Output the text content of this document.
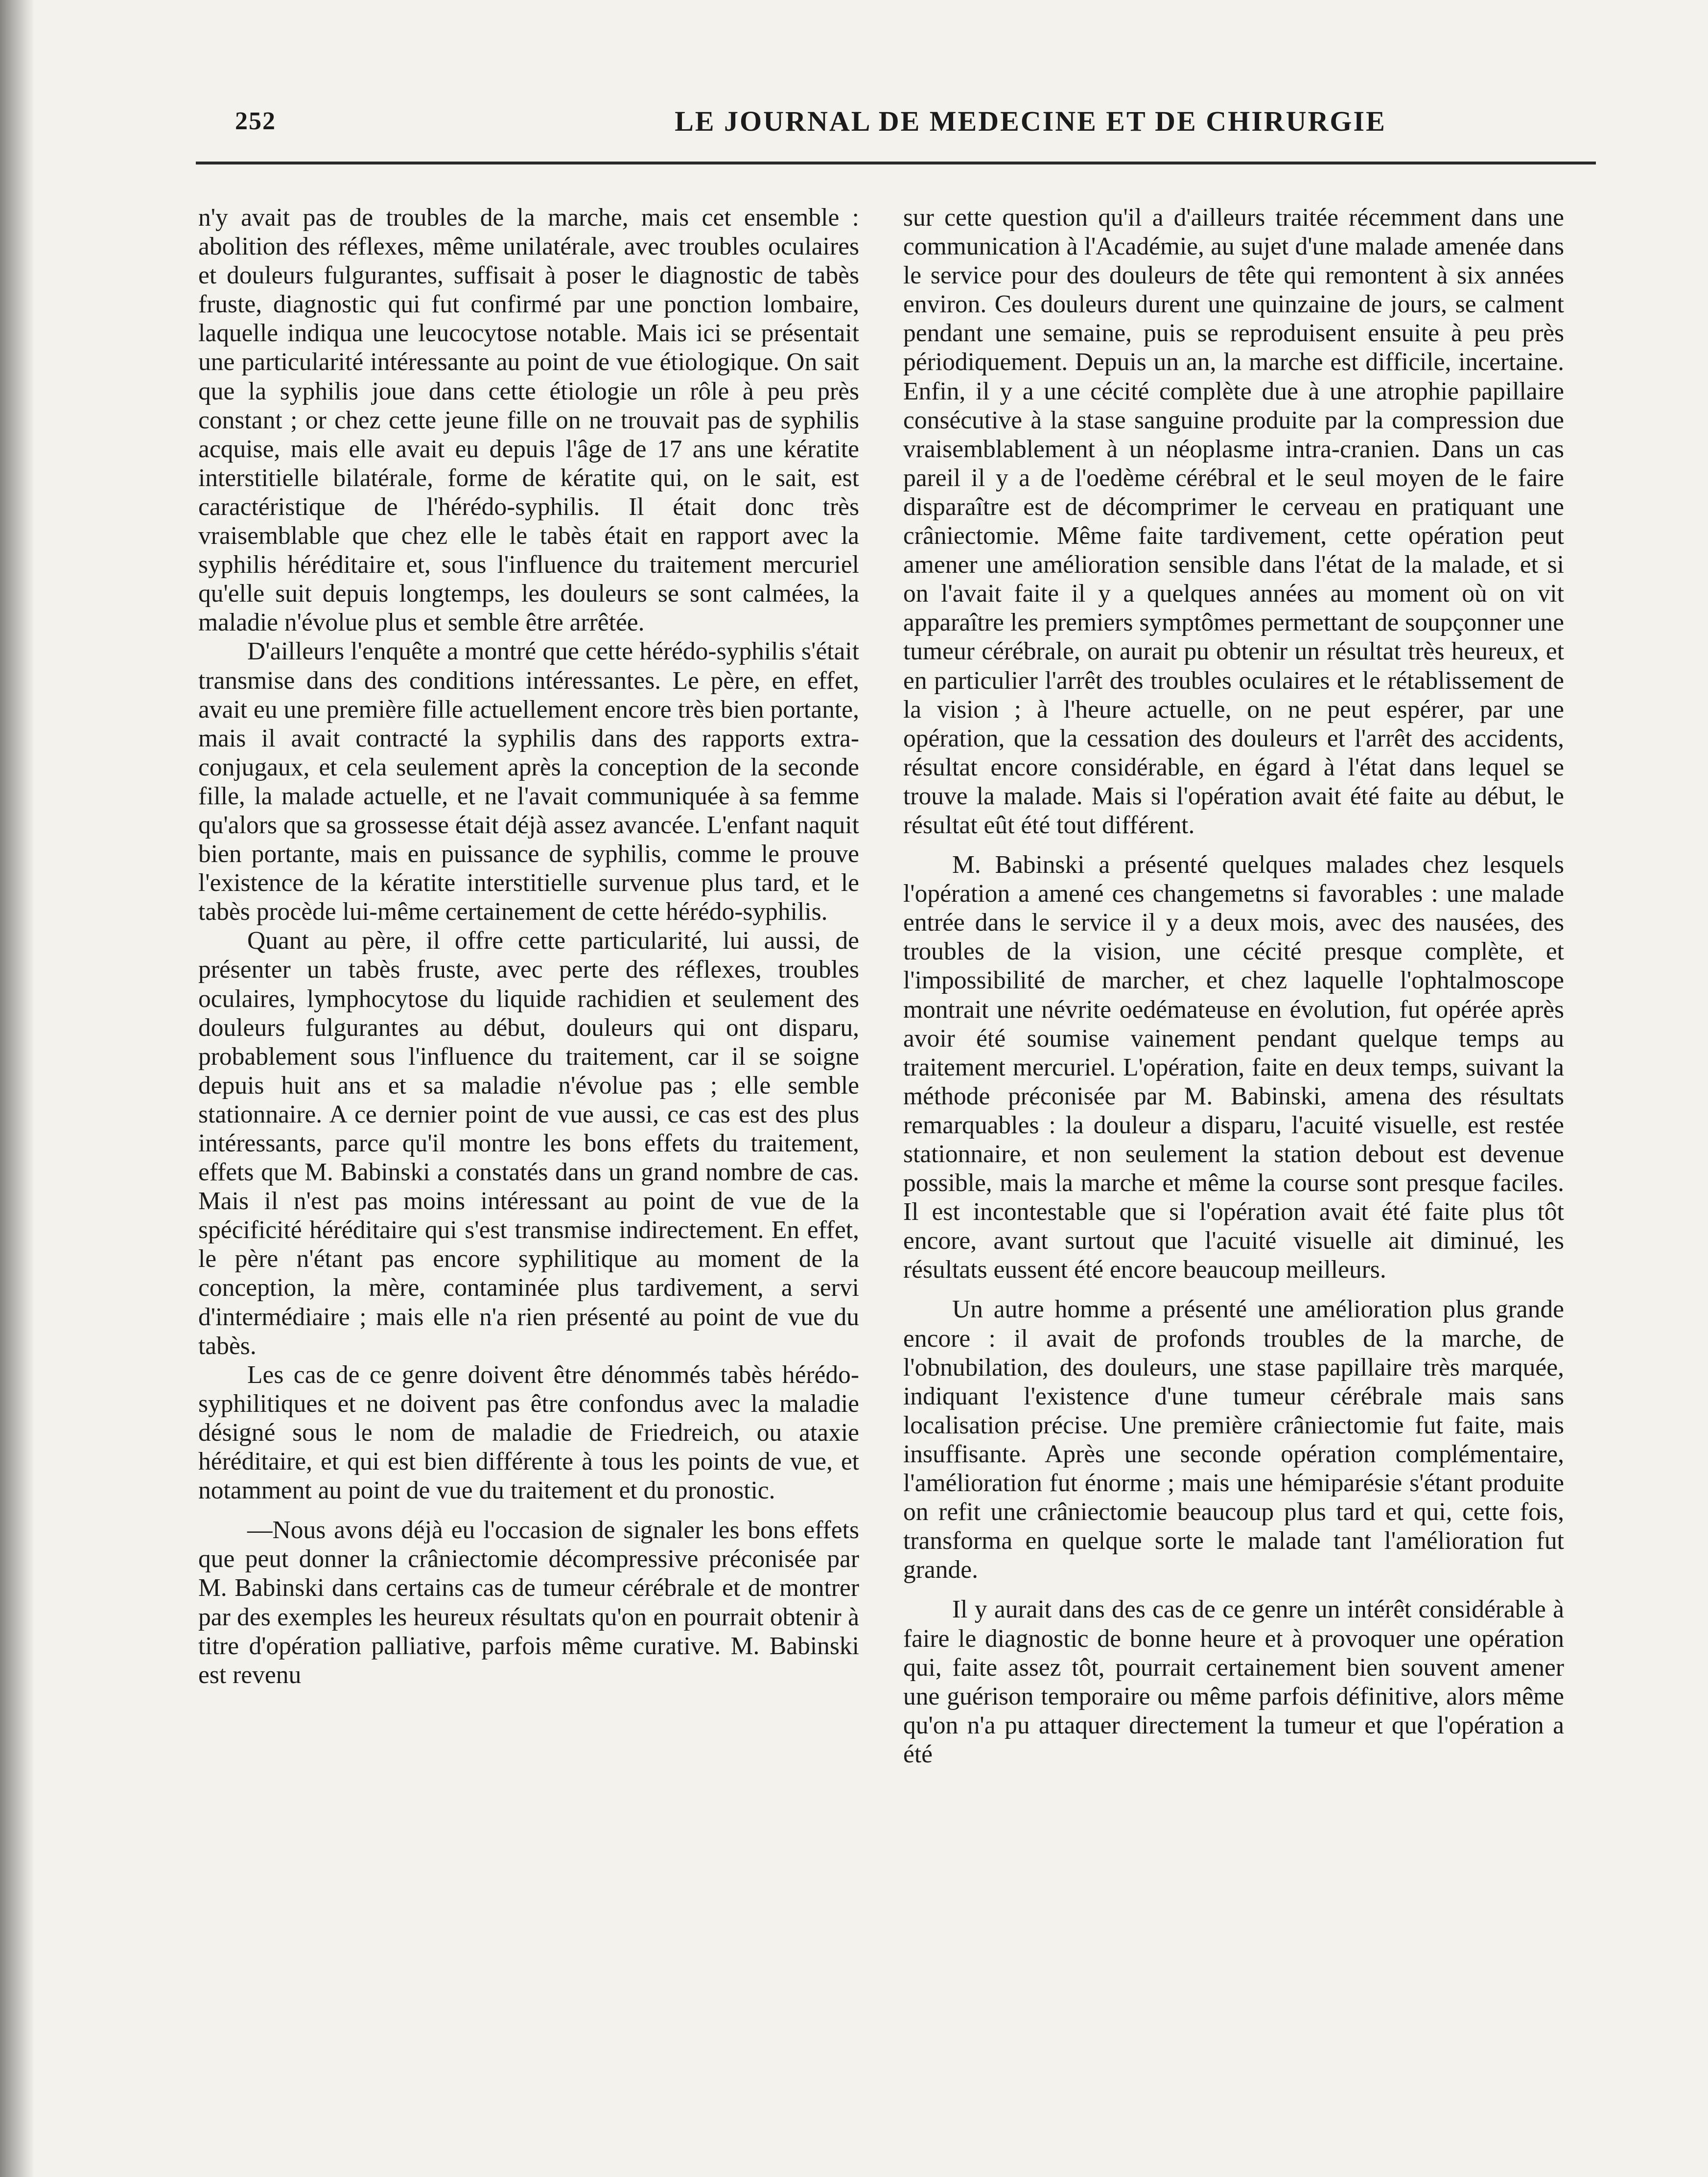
252	LE JOURNAL DE MEDECINE ET DE CHIRURGIE

n'y avait pas de troubles de la marche, mais cet ensemble : abolition des réflexes, même unilatérale, avec troubles oculaires et douleurs fulgurantes, suffisait à poser le diagnostic de tabès fruste, diagnostic qui fut confirmé par une ponction lombaire, laquelle indiqua une leucocytose notable. Mais ici se présentait une particularité intéressante au point de vue étiologique. On sait que la syphilis joue dans cette étiologie un rôle à peu près constant ; or chez cette jeune fille on ne trouvait pas de syphilis acquise, mais elle avait eu depuis l'âge de 17 ans une kératite interstitielle bilatérale, forme de kératite qui, on le sait, est caractéristique de l'hérédo-syphilis. Il était donc très vraisemblable que chez elle le tabès était en rapport avec la syphilis héréditaire et, sous l'influence du traitement mercuriel qu'elle suit depuis longtemps, les douleurs se sont calmées, la maladie n'évolue plus et semble être arrêtée.

D'ailleurs l'enquête a montré que cette hérédo-syphilis s'était transmise dans des conditions intéressantes. Le père, en effet, avait eu une première fille actuellement encore très bien portante, mais il avait contracté la syphilis dans des rapports extra-conjugaux, et cela seulement après la conception de la seconde fille, la malade actuelle, et ne l'avait communiquée à sa femme qu'alors que sa grossesse était déjà assez avancée. L'enfant naquit bien portante, mais en puissance de syphilis, comme le prouve l'existence de la kératite interstitielle survenue plus tard, et le tabès procède lui-même certainement de cette hérédo-syphilis.

Quant au père, il offre cette particularité, lui aussi, de présenter un tabès fruste, avec perte des réflexes, troubles oculaires, lymphocytose du liquide rachidien et seulement des douleurs fulgurantes au début, douleurs qui ont disparu, probablement sous l'influence du traitement, car il se soigne depuis huit ans et sa maladie n'évolue pas ; elle semble stationnaire. A ce dernier point de vue aussi, ce cas est des plus intéressants, parce qu'il montre les bons effets du traitement, effets que M. Babinski a constatés dans un grand nombre de cas. Mais il n'est pas moins intéressant au point de vue de la spécificité héréditaire qui s'est transmise indirectement. En effet, le père n'étant pas encore syphilitique au moment de la conception, la mère, contaminée plus tardivement, a servi d'intermédiaire ; mais elle n'a rien présenté au point de vue du tabès.

Les cas de ce genre doivent être dénommés tabès hérédo-syphilitiques et ne doivent pas être confondus avec la maladie désigné sous le nom de maladie de Friedreich, ou ataxie héréditaire, et qui est bien différente à tous les points de vue, et notamment au point de vue du traitement et du pronostic.

—Nous avons déjà eu l'occasion de signaler les bons effets que peut donner la crâniectomie décompressive préconisée par M. Babinski dans certains cas de tumeur cérébrale et de montrer par des exemples les heureux résultats qu'on en pourrait obtenir à titre d'opération palliative, parfois même curative. M. Babinski est revenu

sur cette question qu'il a d'ailleurs traitée récemment dans une communication à l'Académie, au sujet d'une malade amenée dans le service pour des douleurs de tête qui remontent à six années environ. Ces douleurs durent une quinzaine de jours, se calment pendant une semaine, puis se reproduisent ensuite à peu près périodiquement. Depuis un an, la marche est difficile, incertaine. Enfin, il y a une cécité complète due à une atrophie papillaire consécutive à la stase sanguine produite par la compression due vraisemblablement à un néoplasme intra-cranien. Dans un cas pareil il y a de l'oedème cérébral et le seul moyen de le faire disparaître est de décomprimer le cerveau en pratiquant une crâniectomie. Même faite tardivement, cette opération peut amener une amélioration sensible dans l'état de la malade, et si on l'avait faite il y a quelques années au moment où on vit apparaître les premiers symptômes permettant de soupçonner une tumeur cérébrale, on aurait pu obtenir un résultat très heureux, et en particulier l'arrêt des troubles oculaires et le rétablissement de la vision ; à l'heure actuelle, on ne peut espérer, par une opération, que la cessation des douleurs et l'arrêt des accidents, résultat encore considérable, en égard à l'état dans lequel se trouve la malade. Mais si l'opération avait été faite au début, le résultat eût été tout différent.

M. Babinski a présenté quelques malades chez lesquels l'opération a amené ces changemetns si favorables : une malade entrée dans le service il y a deux mois, avec des nausées, des troubles de la vision, une cécité presque complète, et l'impossibilité de marcher, et chez laquelle l'ophtalmoscope montrait une névrite oedémateuse en évolution, fut opérée après avoir été soumise vainement pendant quelque temps au traitement mercuriel. L'opération, faite en deux temps, suivant la méthode préconisée par M. Babinski, amena des résultats remarquables : la douleur a disparu, l'acuité visuelle, est restée stationnaire, et non seulement la station debout est devenue possible, mais la marche et même la course sont presque faciles. Il est incontestable que si l'opération avait été faite plus tôt encore, avant surtout que l'acuité visuelle ait diminué, les résultats eussent été encore beaucoup meilleurs.

Un autre homme a présenté une amélioration plus grande encore : il avait de profonds troubles de la marche, de l'obnubilation, des douleurs, une stase papillaire très marquée, indiquant l'existence d'une tumeur cérébrale mais sans localisation précise. Une première crâniectomie fut faite, mais insuffisante. Après une seconde opération complémentaire, l'amélioration fut énorme ; mais une hémiparésie s'étant produite on refit une crâniectomie beaucoup plus tard et qui, cette fois, transforma en quelque sorte le malade tant l'amélioration fut grande.

Il y aurait dans des cas de ce genre un intérêt considérable à faire le diagnostic de bonne heure et à provoquer une opération qui, faite assez tôt, pourrait certainement bien souvent amener une guérison temporaire ou même parfois définitive, alors même qu'on n'a pu attaquer directement la tumeur et que l'opération a été
